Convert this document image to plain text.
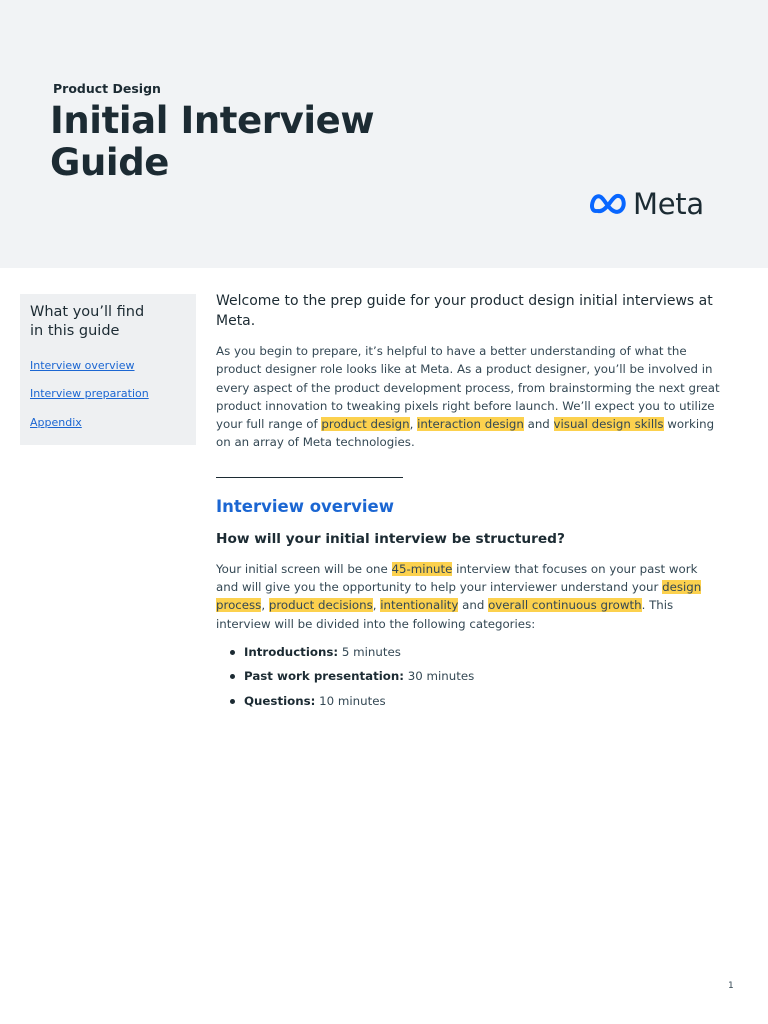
Product Design
Initial Interview
Guide
Meta
What you’ll find in this guide
Interview overview
Interview preparation
Appendix

Welcome to the prep guide for your product design initial interviews at Meta.

As you begin to prepare, it’s helpful to have a better understanding of what the product designer role looks like at Meta. As a product designer, you’ll be involved in every aspect of the product development process, from brainstorming the next great product innovation to tweaking pixels right before launch. We’ll expect you to utilize your full range of product design, interaction design and visual design skills working on an array of Meta technologies.

Interview overview
How will your initial interview be structured?

Your initial screen will be one 45-minute interview that focuses on your past work and will give you the opportunity to help your interviewer understand your design process, product decisions, intentionality and overall continuous growth. This interview will be divided into the following categories:

Introductions: 5 minutes
Past work presentation: 30 minutes
Questions: 10 minutes
1
